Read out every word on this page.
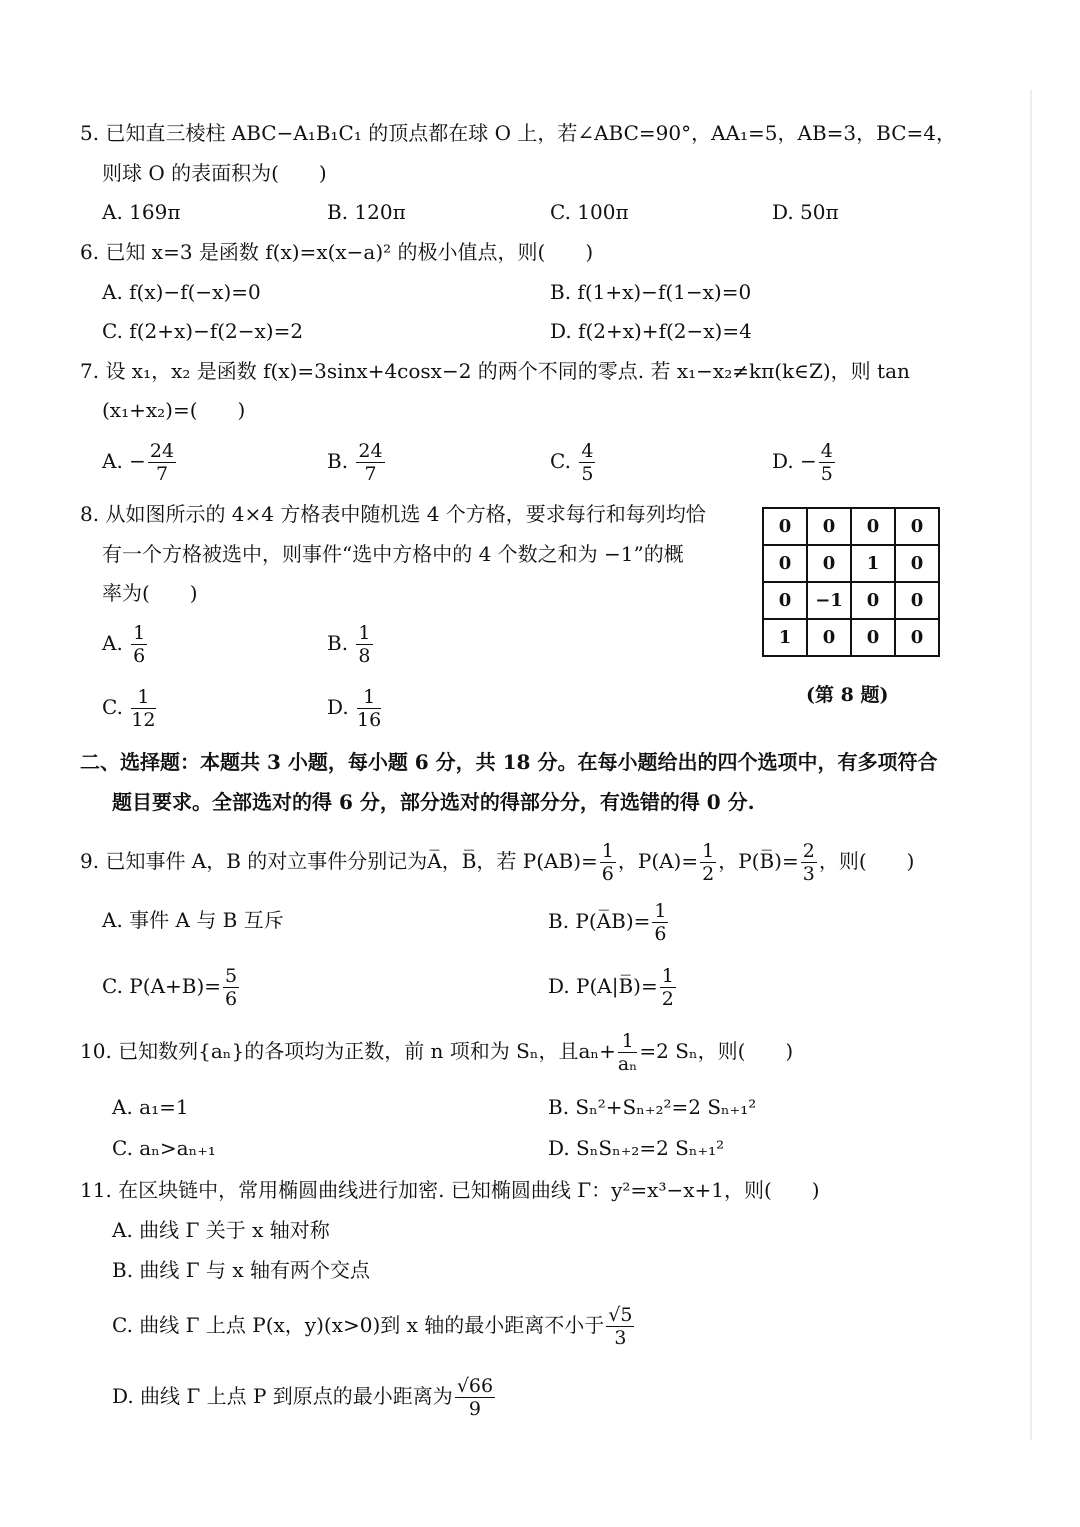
5. 已知直三棱柱 ABC−A₁B₁C₁ 的顶点都在球 O 上，若∠ABC=90°，AA₁=5，AB=3，BC=4，
则球 O 的表面积为(　　)
A. 169π	B. 120π	C. 100π	D. 50π
6. 已知 x=3 是函数 f(x)=x(x−a)² 的极小值点，则(　　)
A. f(x)−f(−x)=0	B. f(1+x)−f(1−x)=0
C. f(2+x)−f(2−x)=2	D. f(2+x)+f(2−x)=4
7. 设 x₁，x₂ 是函数 f(x)=3sinx+4cosx−2 的两个不同的零点. 若 x₁−x₂≠kπ(k∈Z)，则 tan
(x₁+x₂)=(　　)
A. − $\frac{24}{7}$	B. $\frac{24}{7}$	C. $\frac{4}{5}$	D. − $\frac{4}{5}$
8. 从如图所示的 4×4 方格表中随机选 4 个方格，要求每行和每列均恰
有一个方格被选中，则事件“选中方格中的 4 个数之和为 −1”的概
率为(　　)
A. $\frac{1}{6}$	B. $\frac{1}{8}$
C. $\frac{1}{12}$	D. $\frac{1}{16}$
0	0	0	0
0	0	1	0
0	−1	0	0
1	0	0	0
(第 8 题)
二、选择题：本题共 3 小题，每小题 6 分，共 18 分。在每小题给出的四个选项中，有多项符合
题目要求。全部选对的得 6 分，部分选对的得部分分，有选错的得 0 分.
9. 已知事件 A，B 的对立事件分别记为A̅，B̅，若 $P(AB)= \frac{1}{6}$ ，$P(A)= \frac{1}{2}$ ，P(B̅)= $\frac{2}{3}$ ，则(　　)
A. 事件 A 与 B 互斥	B. P(A̅B)= $\frac{1}{6}$
C. $P(A+B)= \frac{5}{6}$	D. P(A|B̅)= $\frac{1}{2}$
10. 已知数列{aₙ}的各项均为正数，前 n 项和为 Sₙ，且$a_n+ \frac{1}{\text{aₙ}} =2$ Sₙ，则(　　)
A. a₁=1	B. Sₙ²+Sₙ₊₂²=2 Sₙ₊₁²
C. aₙ>aₙ₊₁	D. SₙSₙ₊₂=2 Sₙ₊₁²
11. 在区块链中，常用椭圆曲线进行加密. 已知椭圆曲线 Γ：y²=x³−x+1，则(　　)
A. 曲线 Γ 关于 x 轴对称
B. 曲线 Γ 与 x 轴有两个交点
C. 曲线 Γ 上点 P(x，y)(x>0)到 x 轴的最小距离不小于 $\frac{√5}{3}$
D. 曲线 Γ 上点 P 到原点的最小距离为 $\frac{√66}{9}$
